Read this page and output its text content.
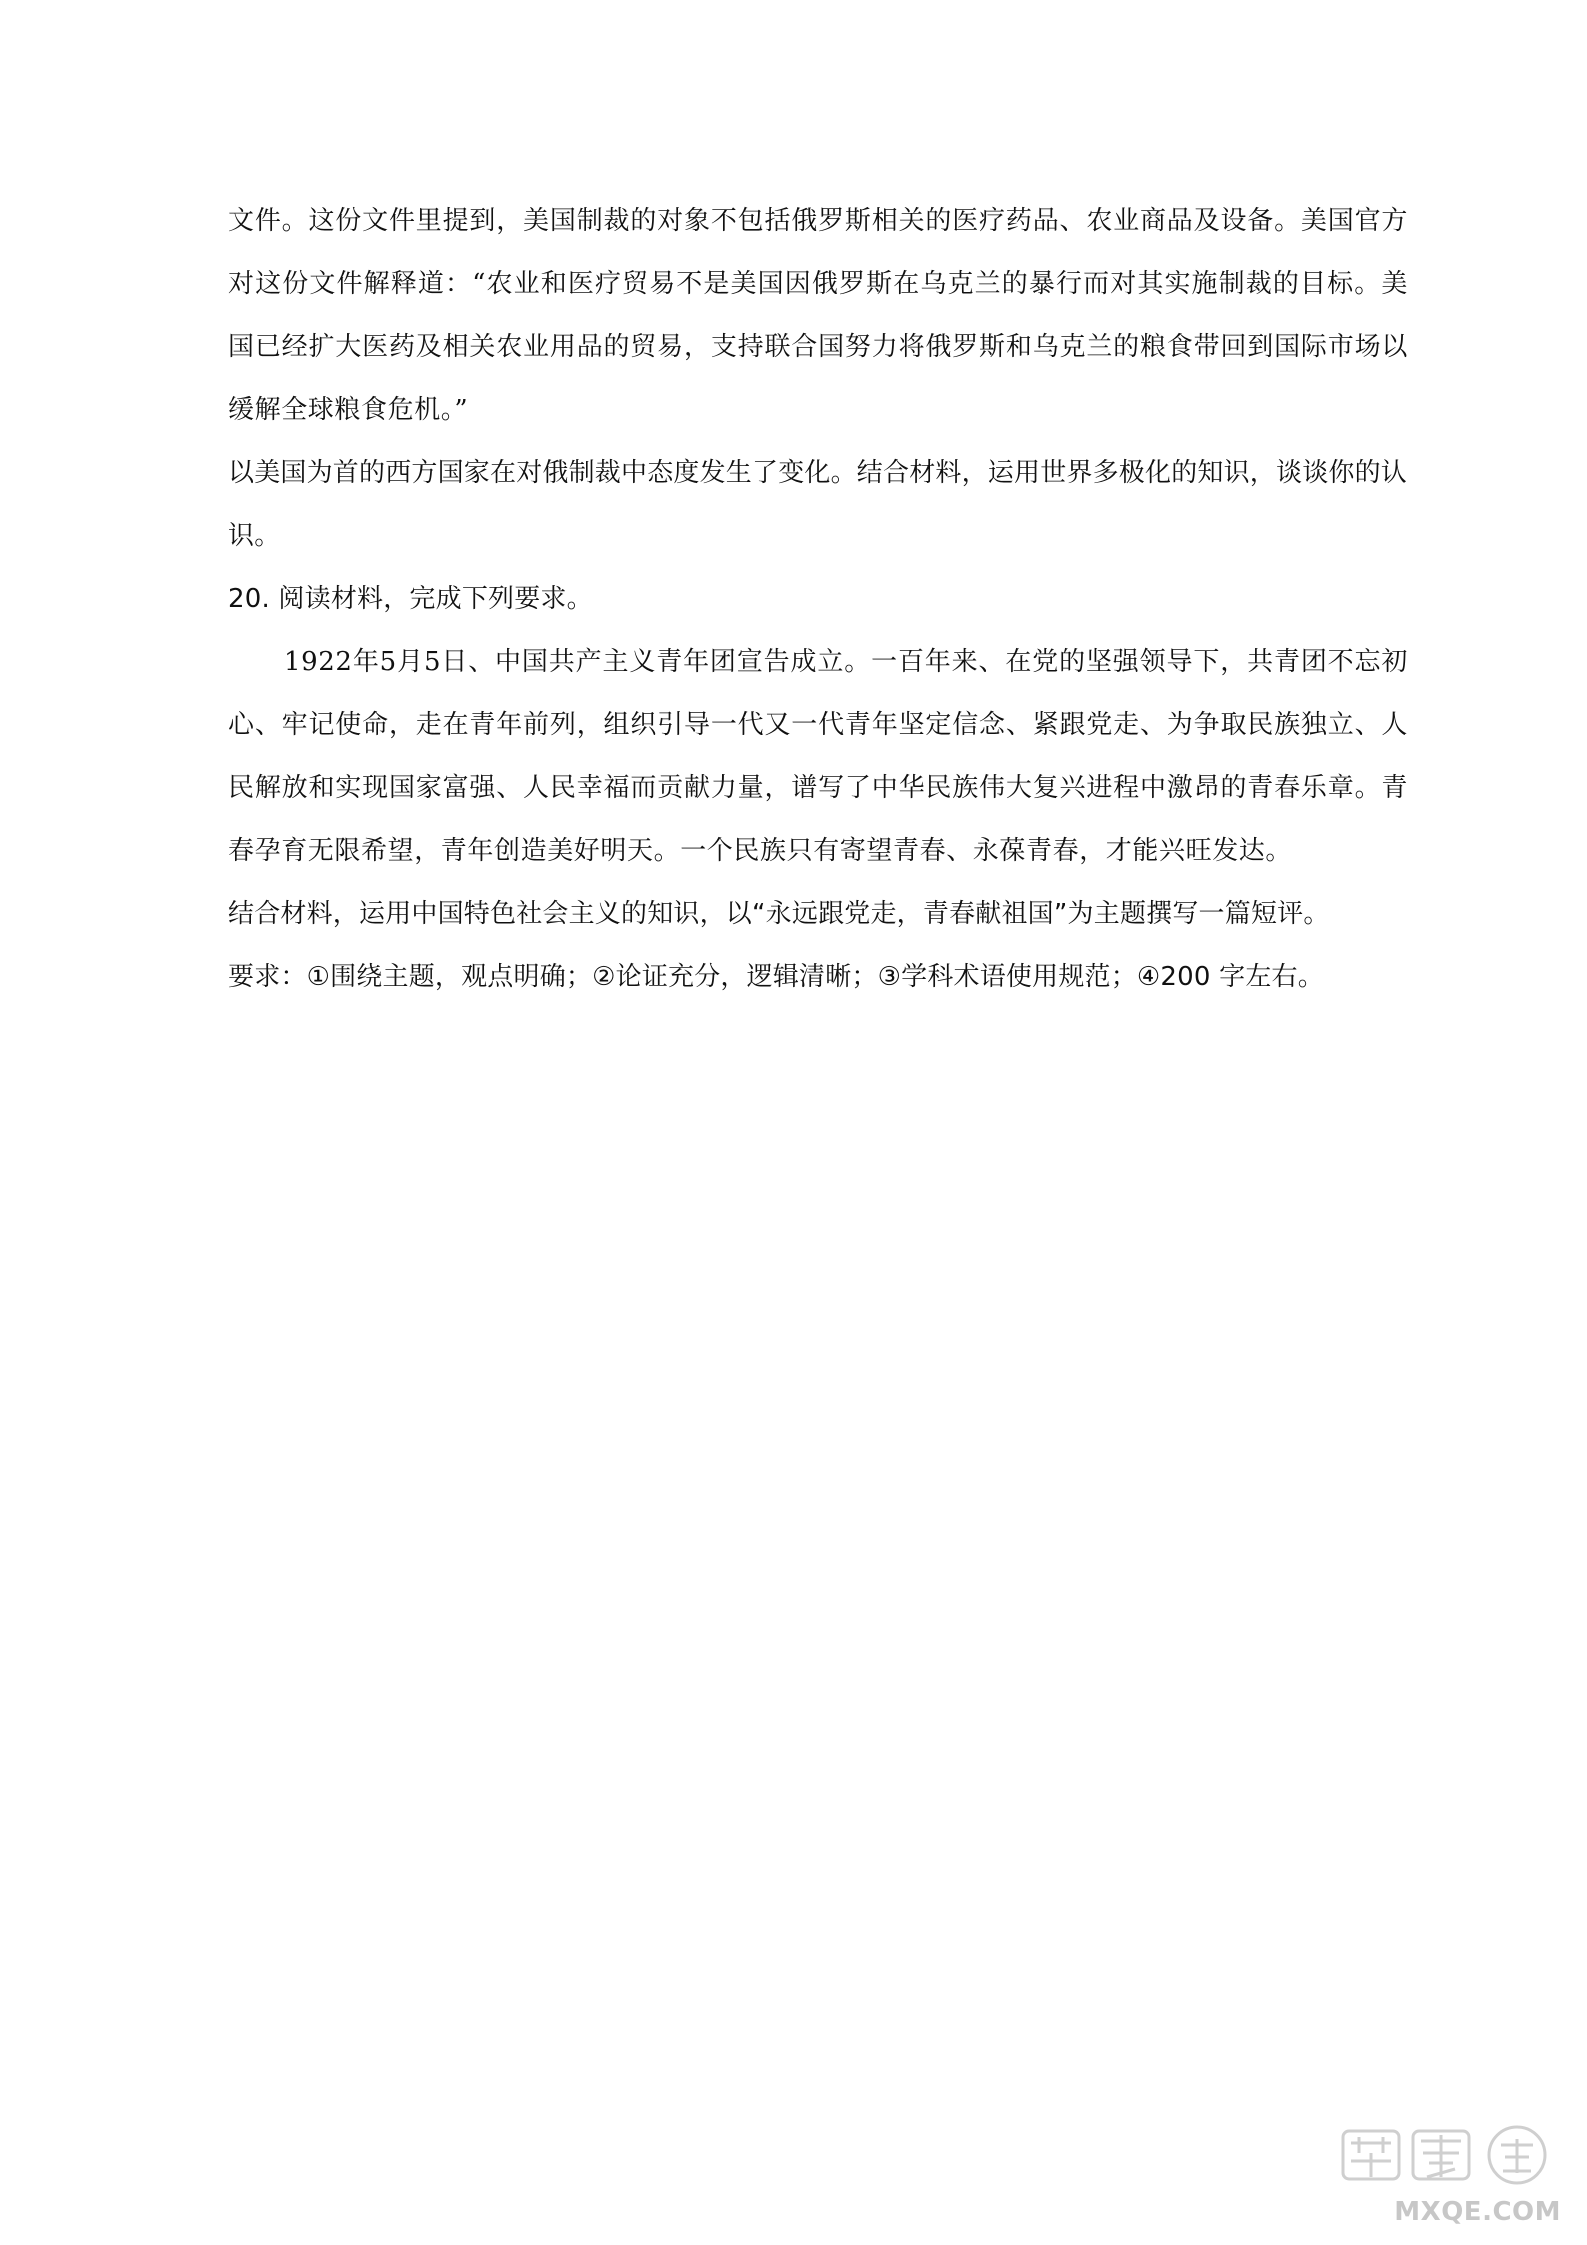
文件。这份文件里提到，美国制裁的对象不包括俄罗斯相关的医疗药品、农业商品及设备。美国官方对这份文件解释道：“农业和医疗贸易不是美国因俄罗斯在乌克兰的暴行而对其实施制裁的目标。美国已经扩大医药及相关农业用品的贸易，支持联合国努力将俄罗斯和乌克兰的粮食带回到国际市场以缓解全球粮食危机。”

以美国为首的西方国家在对俄制裁中态度发生了变化。结合材料，运用世界多极化的知识，谈谈你的认识。

20. 阅读材料，完成下列要求。

1922年5月5日、中国共产主义青年团宣告成立。一百年来、在党的坚强领导下，共青团不忘初心、牢记使命，走在青年前列，组织引导一代又一代青年坚定信念、紧跟党走、为争取民族独立、人民解放和实现国家富强、人民幸福而贡献力量，谱写了中华民族伟大复兴进程中激昂的青春乐章。青春孕育无限希望，青年创造美好明天。一个民族只有寄望青春、永葆青春，才能兴旺发达。

结合材料，运用中国特色社会主义的知识，以“永远跟党走，青春献祖国”为主题撰写一篇短评。

要求：①围绕主题，观点明确；②论证充分，逻辑清晰；③学科术语使用规范；④200 字左右。

MXQE.COM
